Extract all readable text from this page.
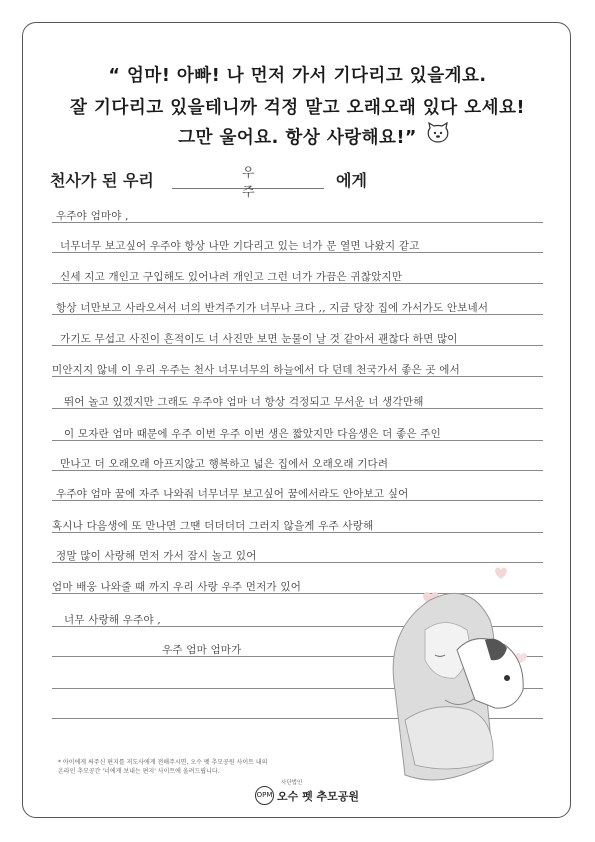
“ 엄마! 아빠! 나 먼저 가서 기다리고 있을게요.
잘 기다리고 있을테니까 걱정 말고 오래오래 있다 오세요!
그만 울어요. 항상 사랑해요!”
천사가 된 우리	우주
에게
우주야 엄마야 ,
너무너무 보고싶어 우주야 항상 나만 기다리고 있는 너가 문 열면 나왔지 같고
신세 지고 개인고 구입해도 있어나려 개인고 그런 너가 가끔은 귀찮았지만
항상 너만보고 사라오셔서 너의 반겨주기가 너무나 크다 ,, 지금 당장 집에 가서가도 안보네서
가기도 무섭고 사진이 흔적이도 너 사진만 보면 눈물이 날 것 같아서 괜찮다 하면 많이
미안지지 않네 이 우리 우주는 천사 너무너무의 하늘에서 다 던데 천국가서 좋은 곳 에서
뛰어 놀고 있겠지만 그래도 우주야 엄마 너 항상 걱정되고 무서운 너 생각만해
이 모자란 엄마 때문에 우주 이번 우주 이번 생은 짧았지만 다음생은 더 좋은 주인
만나고 더 오래오래 아프지않고 행복하고 넓은 집에서 오래오래 기다려
우주야 엄마 꿈에 자주 나와줘 너무너무 보고싶어 꿈에서라도 안아보고 싶어
혹시나 다음생에 또 만나면 그땐 더더더더 그러지 않을게 우주 사랑해
정말 많이 사랑해 먼저 가서 잠시 놀고 있어
엄마 배웅 나와줄 때 까지 우리 사랑 우주 먼저가 있어
너무 사랑해 우주야 ,
우주 엄마 엄마가
* 아이에게 써주신 편지를 저도사에게 전해주시면, 오수 펫 추모공원 사이트 내의
온라인 추모공간 '너에게 보내는 편지' 사이트에 올려드립니다.
OPM
사단법인
오수 펫 추모공원
